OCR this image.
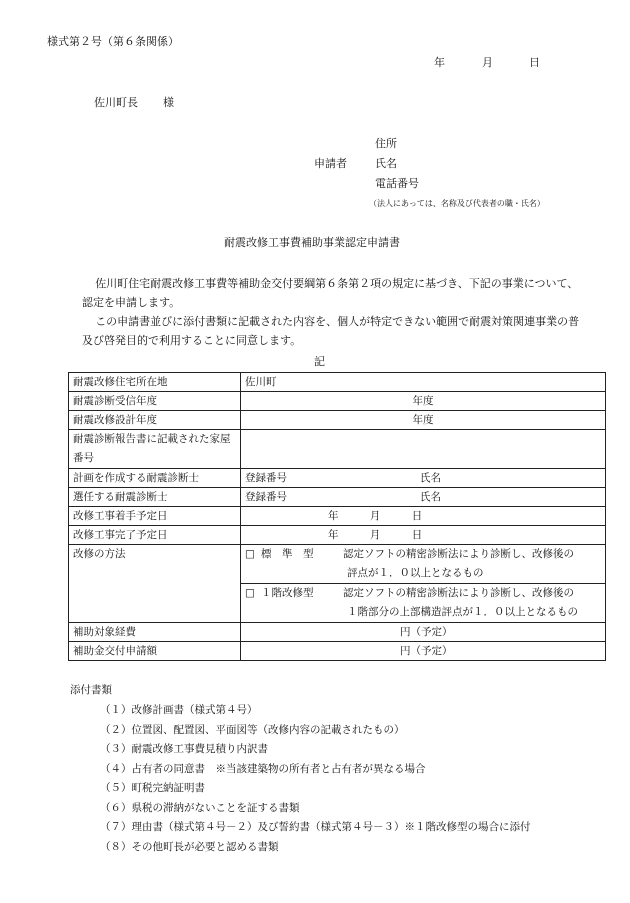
様式第２号（第６条関係）
年	月	日
佐川町長 様
住所
申請者	氏名
電話番号
（法人にあっては、名称及び代表者の職・氏名）
耐震改修工事費補助事業認定申請書

佐川町住宅耐震改修工事費等補助金交付要綱第６条第２項の規定に基づき、下記の事業について、認定を申請します。

この申請書並びに添付書類に記載された内容を、個人が特定できない範囲で耐震対策関連事業の普及び啓発目的で利用することに同意します。

記
耐震改修住宅所在地	佐川町
耐震診断受信年度	年度
耐震改修設計年度	年度
耐震診断報告書に記載された家屋番号	
計画を作成する耐震診断士	登録番号 氏名

選任する耐震診断士	登録番号 氏名

改修工事着手予定日	年 月 日
改修工事完了予定日	年 月 日
改修の方法	□ 標　準　型 認定ソフトの精密診断法により診断し、改修後の
評点が１．０以上となるもの

	□ １階改修型 認定ソフトの精密診断法により診断し、改修後の
１階部分の上部構造評点が１．０以上となるもの

補助対象経費	円（予定）
補助金交付申請額	円（予定）
添付書類
（１）改修計画書（様式第４号）
（２）位置図、配置図、平面図等（改修内容の記載されたもの）
（３）耐震改修工事費見積り内訳書
（４）占有者の同意書　※当該建築物の所有者と占有者が異なる場合
（５）町税完納証明書
（６）県税の滞納がないことを証する書類
（７）理由書（様式第４号－２）及び誓約書（様式第４号－３）※１階改修型の場合に添付
（８）その他町長が必要と認める書類
